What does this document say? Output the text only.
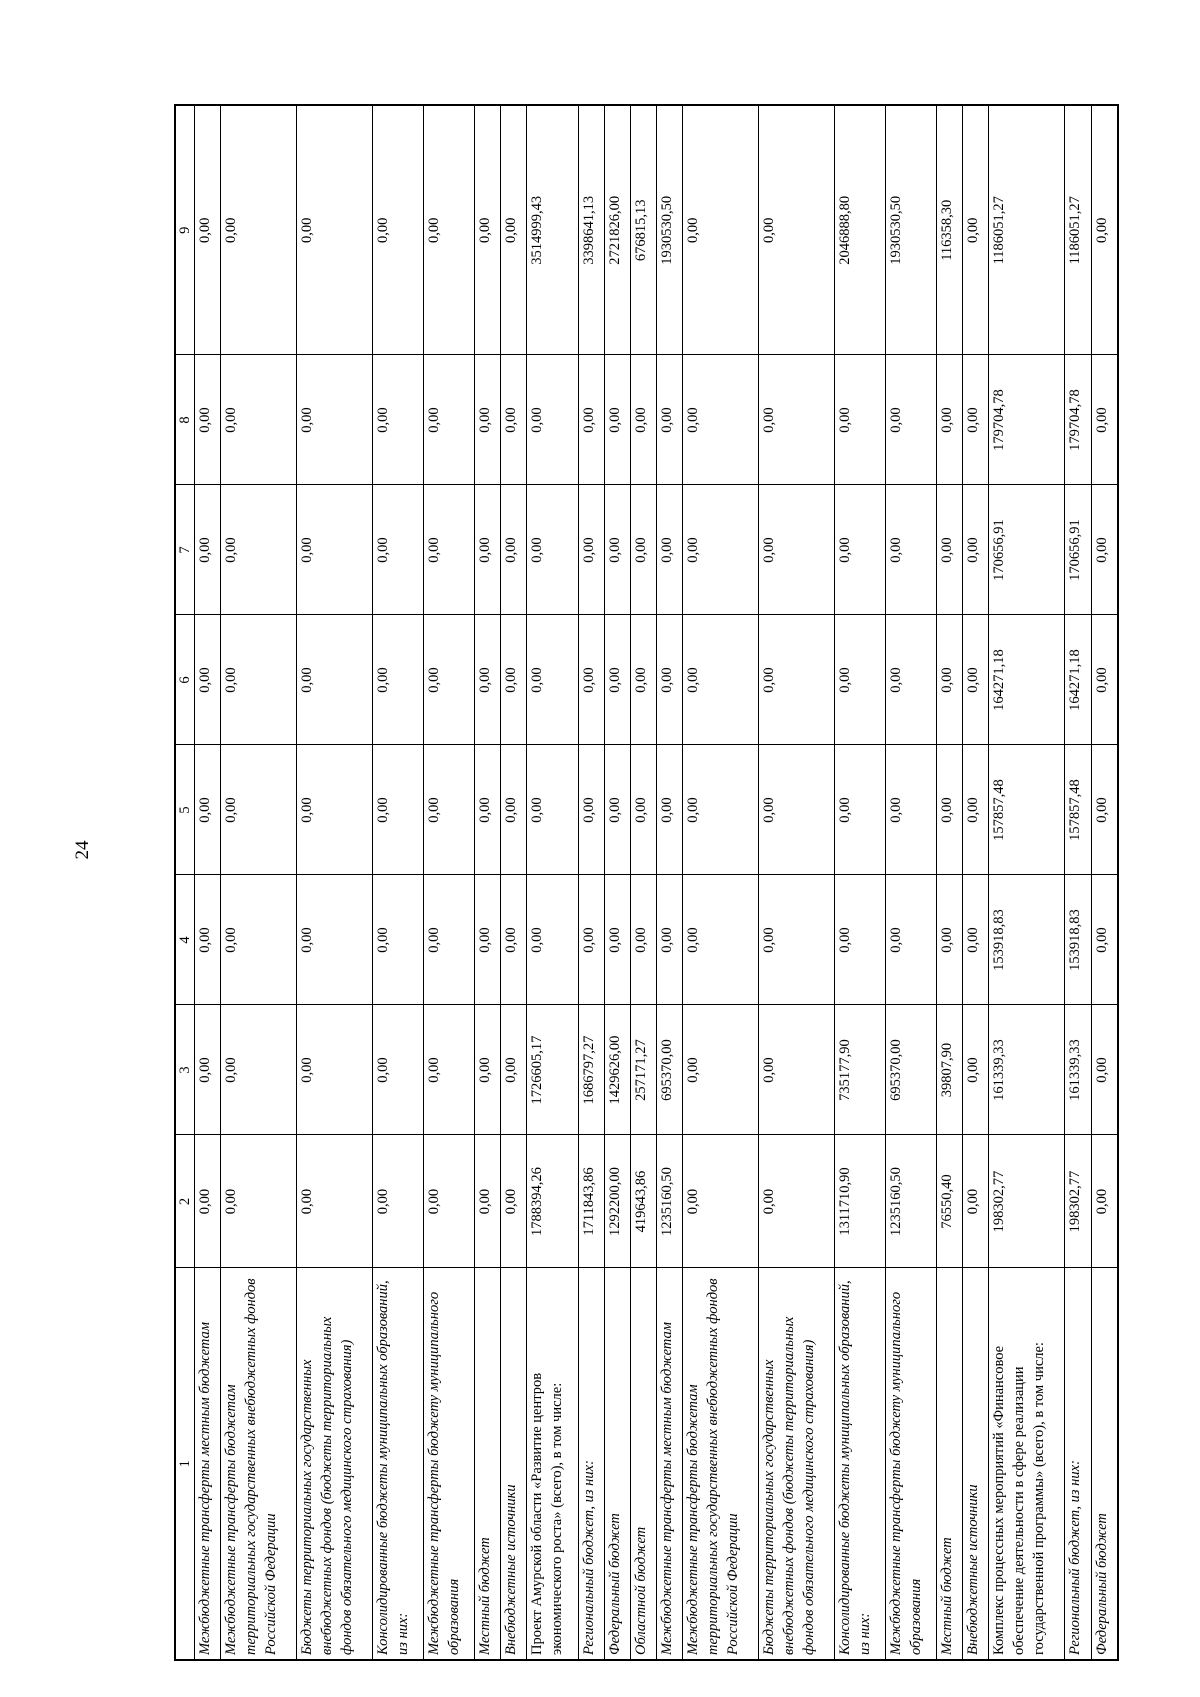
24
1	2	3	4	5	6	7	8	9
Межбюджетные трансферты местным бюджетам	0,00	0,00	0,00	0,00	0,00	0,00	0,00	0,00
Межбюджетные трансферты бюджетам территориальных государственных внебюджетных фондов Российской Федерации	0,00	0,00	0,00	0,00	0,00	0,00	0,00	0,00
Бюджеты территориальных государственных внебюджетных фондов (бюджеты территориальных фондов обязательного медицинского страхования)	0,00	0,00	0,00	0,00	0,00	0,00	0,00	0,00
Консолидированные бюджеты муниципальных образований, из них:	0,00	0,00	0,00	0,00	0,00	0,00	0,00	0,00
Межбюджетные трансферты бюджету муниципального образования	0,00	0,00	0,00	0,00	0,00	0,00	0,00	0,00
Местный бюджет	0,00	0,00	0,00	0,00	0,00	0,00	0,00	0,00
Внебюджетные источники	0,00	0,00	0,00	0,00	0,00	0,00	0,00	0,00
Проект Амурской области «Развитие центров экономического роста» (всего), в том числе:	1788394,26	1726605,17	0,00	0,00	0,00	0,00	0,00	3514999,43
Региональный бюджет, из них:	1711843,86	1686797,27	0,00	0,00	0,00	0,00	0,00	3398641,13
Федеральный бюджет	1292200,00	1429626,00	0,00	0,00	0,00	0,00	0,00	2721826,00
Областной бюджет	419643,86	257171,27	0,00	0,00	0,00	0,00	0,00	676815,13
Межбюджетные трансферты местным бюджетам	1235160,50	695370,00	0,00	0,00	0,00	0,00	0,00	1930530,50
Межбюджетные трансферты бюджетам территориальных государственных внебюджетных фондов Российской Федерации	0,00	0,00	0,00	0,00	0,00	0,00	0,00	0,00
Бюджеты территориальных государственных внебюджетных фондов (бюджеты территориальных фондов обязательного медицинского страхования)	0,00	0,00	0,00	0,00	0,00	0,00	0,00	0,00
Консолидированные бюджеты муниципальных образований, из них:	1311710,90	735177,90	0,00	0,00	0,00	0,00	0,00	2046888,80
Межбюджетные трансферты бюджету муниципального образования	1235160,50	695370,00	0,00	0,00	0,00	0,00	0,00	1930530,50
Местный бюджет	76550,40	39807,90	0,00	0,00	0,00	0,00	0,00	116358,30
Внебюджетные источники	0,00	0,00	0,00	0,00	0,00	0,00	0,00	0,00
Комплекс процессных мероприятий «Финансовое обеспечение деятельности в сфере реализации государственной программы» (всего), в том числе:	198302,77	161339,33	153918,83	157857,48	164271,18	170656,91	179704,78	1186051,27
Региональный бюджет, из них:	198302,77	161339,33	153918,83	157857,48	164271,18	170656,91	179704,78	1186051,27
Федеральный бюджет	0,00	0,00	0,00	0,00	0,00	0,00	0,00	0,00
